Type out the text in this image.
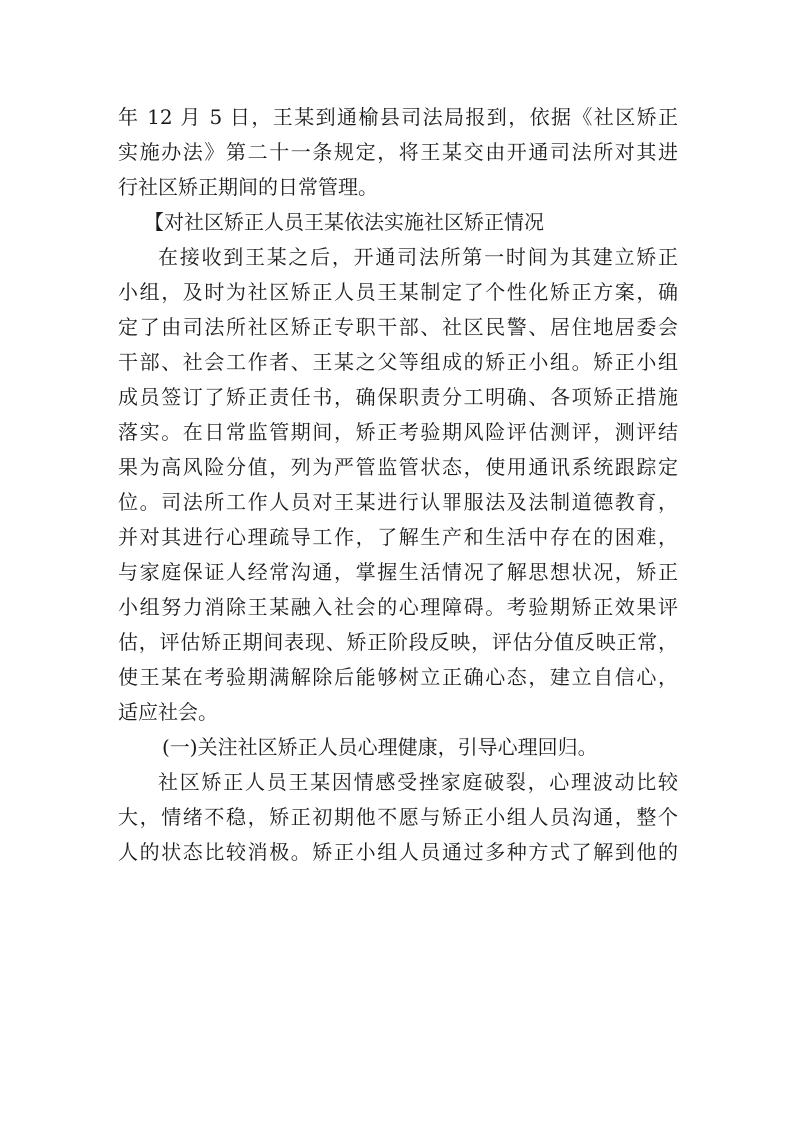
年 12 月 5 日，王某到通榆县司法局报到，依据《社区矫正
实施办法》第二十一条规定，将王某交由开通司法所对其进
行社区矫正期间的日常管理。
【对社区矫正人员王某依法实施社区矫正情况
在接收到王某之后，开通司法所第一时间为其建立矫正
小组，及时为社区矫正人员王某制定了个性化矫正方案，确
定了由司法所社区矫正专职干部、社区民警、居住地居委会
干部、社会工作者、王某之父等组成的矫正小组。矫正小组
成员签订了矫正责任书，确保职责分工明确、各项矫正措施
落实。在日常监管期间，矫正考验期风险评估测评，测评结
果为高风险分值，列为严管监管状态，使用通讯系统跟踪定
位。司法所工作人员对王某进行认罪服法及法制道德教育，
并对其进行心理疏导工作，了解生产和生活中存在的困难，
与家庭保证人经常沟通，掌握生活情况了解思想状况，矫正
小组努力消除王某融入社会的心理障碍。考验期矫正效果评
估，评估矫正期间表现、矫正阶段反映，评估分值反映正常，
使王某在考验期满解除后能够树立正确心态，建立自信心，
适应社会。
(一)关注社区矫正人员心理健康，引导心理回归。
社区矫正人员王某因情感受挫家庭破裂，心理波动比较
大，情绪不稳，矫正初期他不愿与矫正小组人员沟通，整个
人的状态比较消极。矫正小组人员通过多种方式了解到他的
